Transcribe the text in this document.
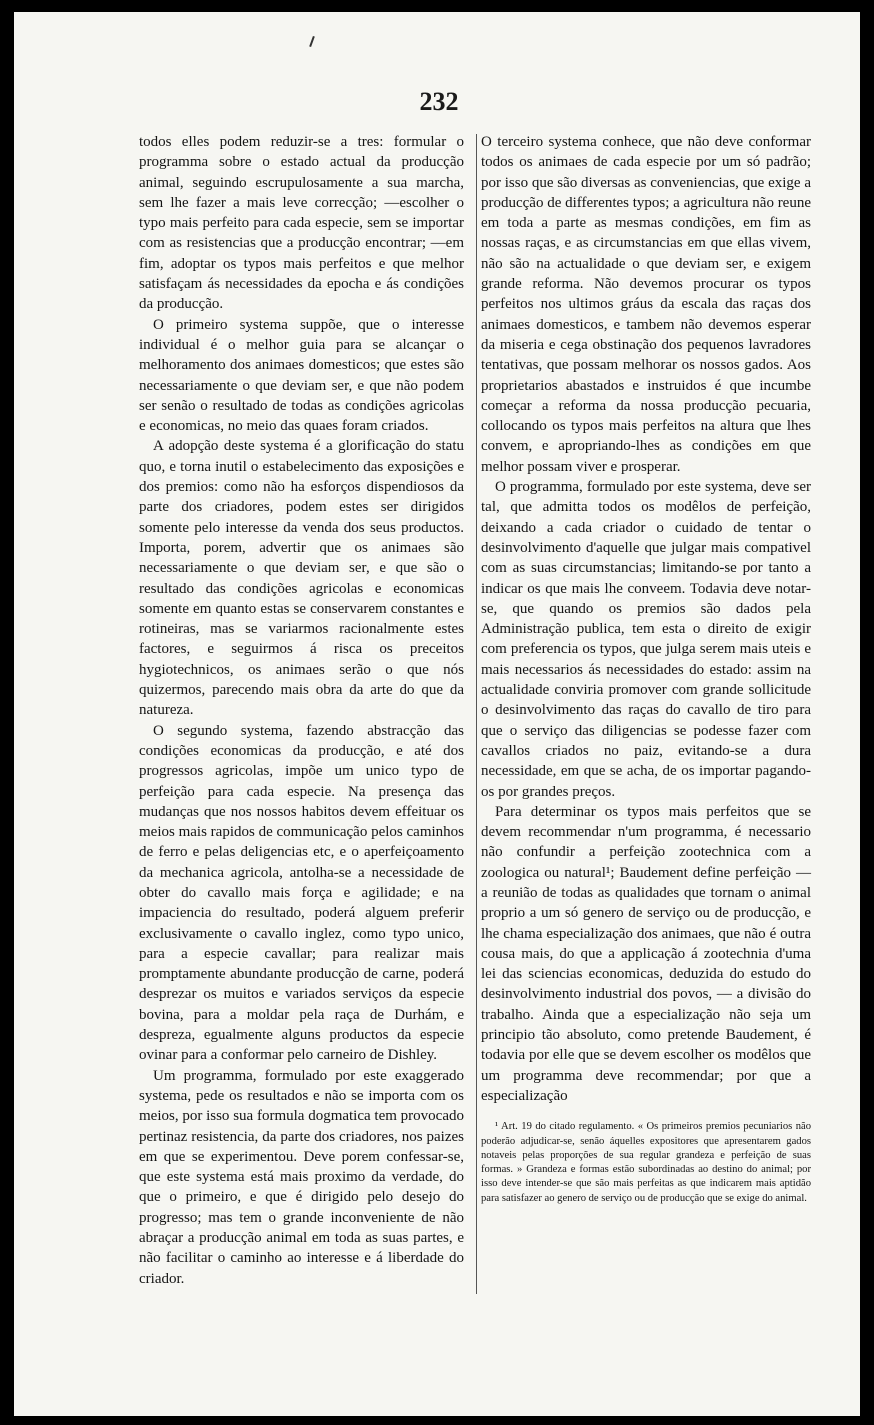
232

todos elles podem reduzir-se a tres: formular o programma sobre o estado actual da producção animal, seguindo escrupulosamente a sua marcha, sem lhe fazer a mais leve correcção; —escolher o typo mais perfeito para cada especie, sem se importar com as resistencias que a producção encontrar; —em fim, adoptar os typos mais perfeitos e que melhor satisfaçam ás necessidades da epocha e ás condições da producção.

O primeiro systema suppõe, que o interesse individual é o melhor guia para se alcançar o melhoramento dos animaes domesticos; que estes são necessariamente o que deviam ser, e que não podem ser senão o resultado de todas as condições agricolas e economicas, no meio das quaes foram criados.

A adopção deste systema é a glorificação do statu quo, e torna inutil o estabelecimento das exposições e dos premios: como não ha esforços dispendiosos da parte dos criadores, podem estes ser dirigidos somente pelo interesse da venda dos seus productos. Importa, porem, advertir que os animaes são necessariamente o que deviam ser, e que são o resultado das condições agricolas e economicas somente em quanto estas se conservarem constantes e rotineiras, mas se variarmos racionalmente estes factores, e seguirmos á risca os preceitos hygiotechnicos, os animaes serão o que nós quizermos, parecendo mais obra da arte do que da natureza.

O segundo systema, fazendo abstracção das condições economicas da producção, e até dos progressos agricolas, impõe um unico typo de perfeição para cada especie. Na presença das mudanças que nos nossos habitos devem effeituar os meios mais rapidos de communicação pelos caminhos de ferro e pelas deligencias etc, e o aperfeiçoamento da mechanica agricola, antolha-se a necessidade de obter do cavallo mais força e agilidade; e na impaciencia do resultado, poderá alguem preferir exclusivamente o cavallo inglez, como typo unico, para a especie cavallar; para realizar mais promptamente abundante producção de carne, poderá desprezar os muitos e variados serviços da especie bovina, para a moldar pela raça de Durhám, e despreza, egualmente alguns productos da especie ovinar para a conformar pelo carneiro de Dishley.

Um programma, formulado por este exaggerado systema, pede os resultados e não se importa com os meios, por isso sua formula dogmatica tem provocado pertinaz resistencia, da parte dos criadores, nos paizes em que se experimentou. Deve porem confessar-se, que este systema está mais proximo da verdade, do que o primeiro, e que é dirigido pelo desejo do progresso; mas tem o grande inconveniente de não abraçar a producção animal em toda as suas partes, e não facilitar o caminho ao interesse e á liberdade do criador.

O terceiro systema conhece, que não deve conformar todos os animaes de cada especie por um só padrão; por isso que são diversas as conveniencias, que exige a producção de differentes typos; a agricultura não reune em toda a parte as mesmas condições, em fim as nossas raças, e as circumstancias em que ellas vivem, não são na actualidade o que deviam ser, e exigem grande reforma. Não devemos procurar os typos perfeitos nos ultimos gráus da escala das raças dos animaes domesticos, e tambem não devemos esperar da miseria e cega obstinação dos pequenos lavradores tentativas, que possam melhorar os nossos gados. Aos proprietarios abastados e instruidos é que incumbe começar a reforma da nossa producção pecuaria, collocando os typos mais perfeitos na altura que lhes convem, e apropriando-lhes as condições em que melhor possam viver e prosperar.

O programma, formulado por este systema, deve ser tal, que admitta todos os modêlos de perfeição, deixando a cada criador o cuidado de tentar o desinvolvimento d'aquelle que julgar mais compativel com as suas circumstancias; limitando-se por tanto a indicar os que mais lhe conveem. Todavia deve notar-se, que quando os premios são dados pela Administração publica, tem esta o direito de exigir com preferencia os typos, que julga serem mais uteis e mais necessarios ás necessidades do estado: assim na actualidade conviria promover com grande sollicitude o desinvolvimento das raças do cavallo de tiro para que o serviço das diligencias se podesse fazer com cavallos criados no paiz, evitando-se a dura necessidade, em que se acha, de os importar pagando-os por grandes preços.

Para determinar os typos mais perfeitos que se devem recommendar n'um programma, é necessario não confundir a perfeição zootechnica com a zoologica ou natural¹; Baudement define perfeição — a reunião de todas as qualidades que tornam o animal proprio a um só genero de serviço ou de producção, e lhe chama especialização dos animaes, que não é outra cousa mais, do que a applicação á zootechnia d'uma lei das sciencias economicas, deduzida do estudo do desinvolvimento industrial dos povos, — a divisão do trabalho. Ainda que a especialização não seja um principio tão absoluto, como pretende Baudement, é todavia por elle que se devem escolher os modêlos que um programma deve recommendar; por que a especialização

¹ Art. 19 do citado regulamento. « Os primeiros premios pecuniarios não poderão adjudicar-se, senão áquelles expositores que apresentarem gados notaveis pelas proporções de sua regular grandeza e perfeição de suas formas. » Grandeza e formas estão subordinadas ao destino do animal; por isso deve intender-se que são mais perfeitas as que indicarem mais aptidão para satisfazer ao genero de serviço ou de producção que se exige do animal.
